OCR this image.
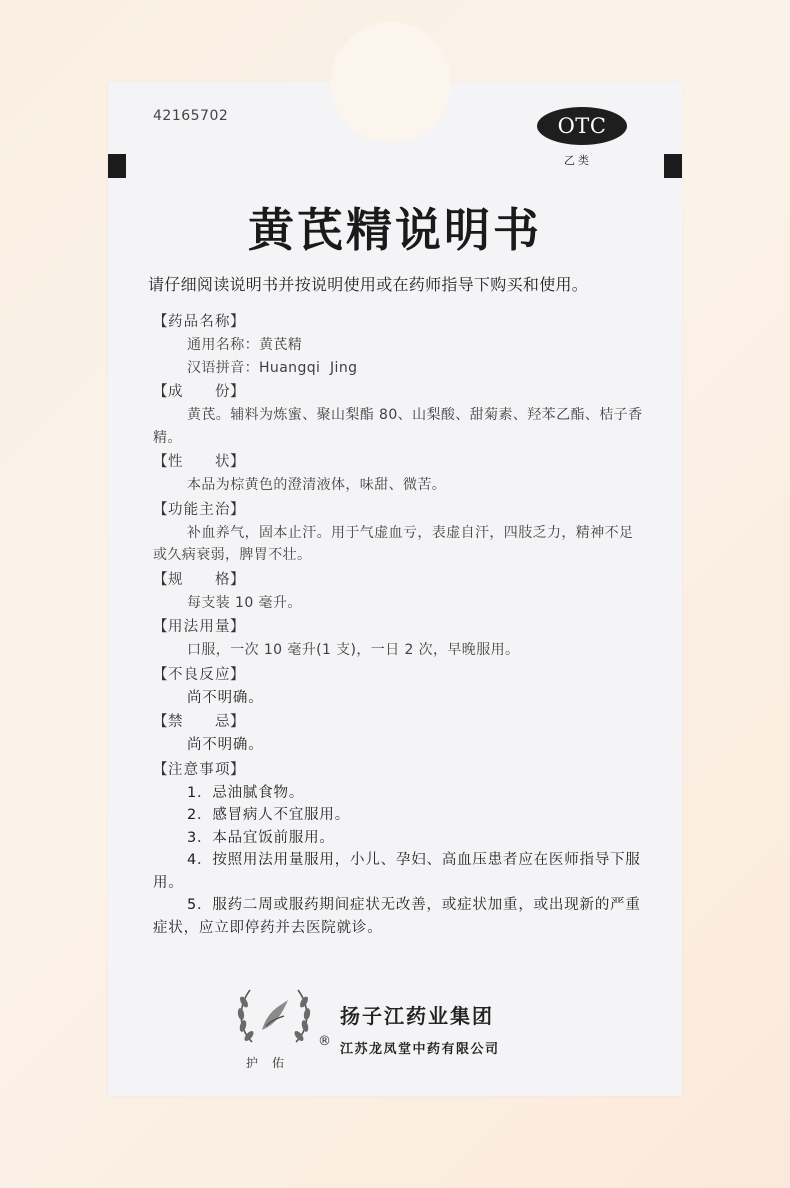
42165702	OTC
乙类
黄芪精说明书
请仔细阅读说明书并按说明使用或在药师指导下购买和使用。
【药品名称】
通用名称：黄芪精
汉语拼音：Huangqi  Jing
【成　　份】
黄芪。辅料为炼蜜、聚山梨酯 80、山梨酸、甜菊素、羟苯乙酯、桔子香精。
【性　　状】
本品为棕黄色的澄清液体，味甜、微苦。
【功能主治】
补血养气，固本止汗。用于气虚血亏，表虚自汗，四肢乏力，精神不足或久病衰弱，脾胃不壮。
【规　　格】
每支装 10 毫升。
【用法用量】
口服，一次 10 毫升(1 支)，一日 2 次，早晚服用。
【不良反应】
尚不明确。
【禁　　忌】
尚不明确。
【注意事项】
1．忌油腻食物。
2．感冒病人不宜服用。
3．本品宜饭前服用。
4．按照用法用量服用，小儿、孕妇、高血压患者应在医师指导下服用。
5．服药二周或服药期间症状无改善，或症状加重，或出现新的严重症状，应立即停药并去医院就诊。
护佑
®
扬子江药业集团
江苏龙凤堂中药有限公司
